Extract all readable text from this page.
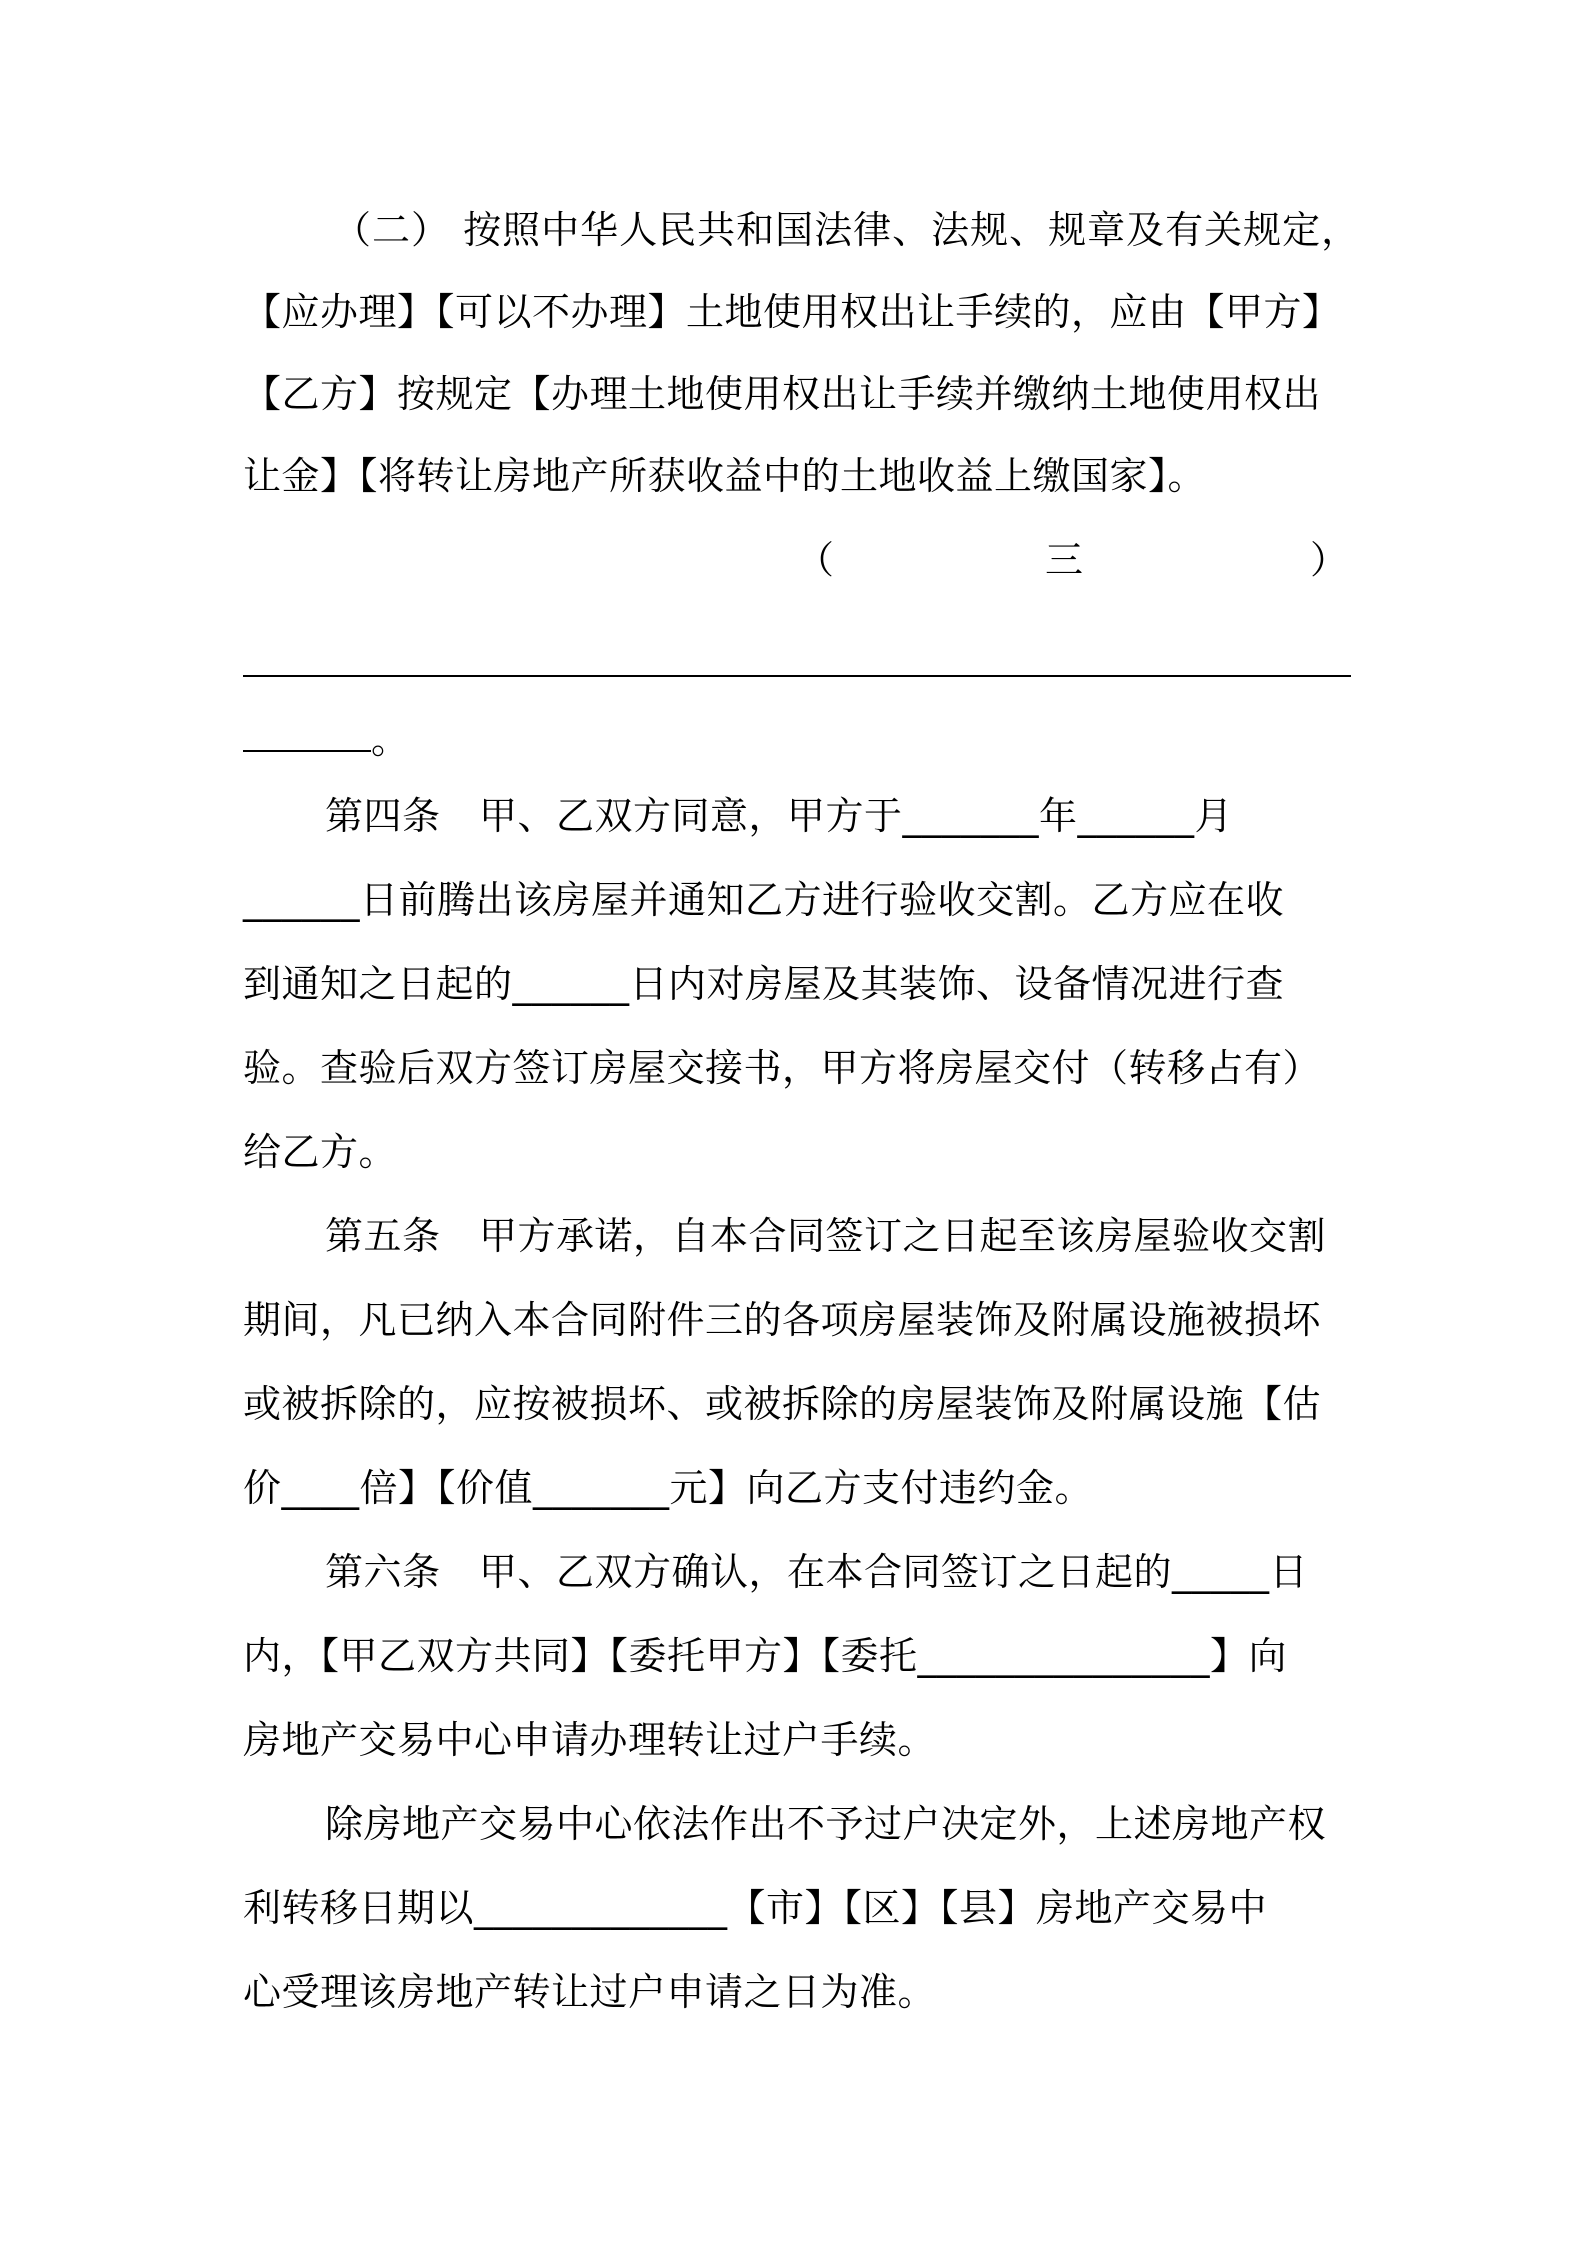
（二） 按照中华人民共和国法律、法规、规章及有关规定，
【应办理】【可以不办理】土地使用权出让手续的，应由【甲方】
【乙方】按规定【办理土地使用权出让手续并缴纳土地使用权出
让金】【将转让房地产所获收益中的土地收益上缴国家】。
（	三	）
。
第四条　甲、乙双方同意，甲方于_______年______月
______日前腾出该房屋并通知乙方进行验收交割。乙方应在收
到通知之日起的______日内对房屋及其装饰、设备情况进行查
验。查验后双方签订房屋交接书，甲方将房屋交付（转移占有）
给乙方。
第五条　甲方承诺，自本合同签订之日起至该房屋验收交割
期间，凡已纳入本合同附件三的各项房屋装饰及附属设施被损坏
或被拆除的，应按被损坏、或被拆除的房屋装饰及附属设施【估
价____倍】【价值_______元】向乙方支付违约金。
第六条　甲、乙双方确认，在本合同签订之日起的_____日
内，【甲乙双方共同】【委托甲方】【委托_______________】向
房地产交易中心申请办理转让过户手续。
除房地产交易中心依法作出不予过户决定外，上述房地产权
利转移日期以_____________【市】【区】【县】房地产交易中
心受理该房地产转让过户申请之日为准。
